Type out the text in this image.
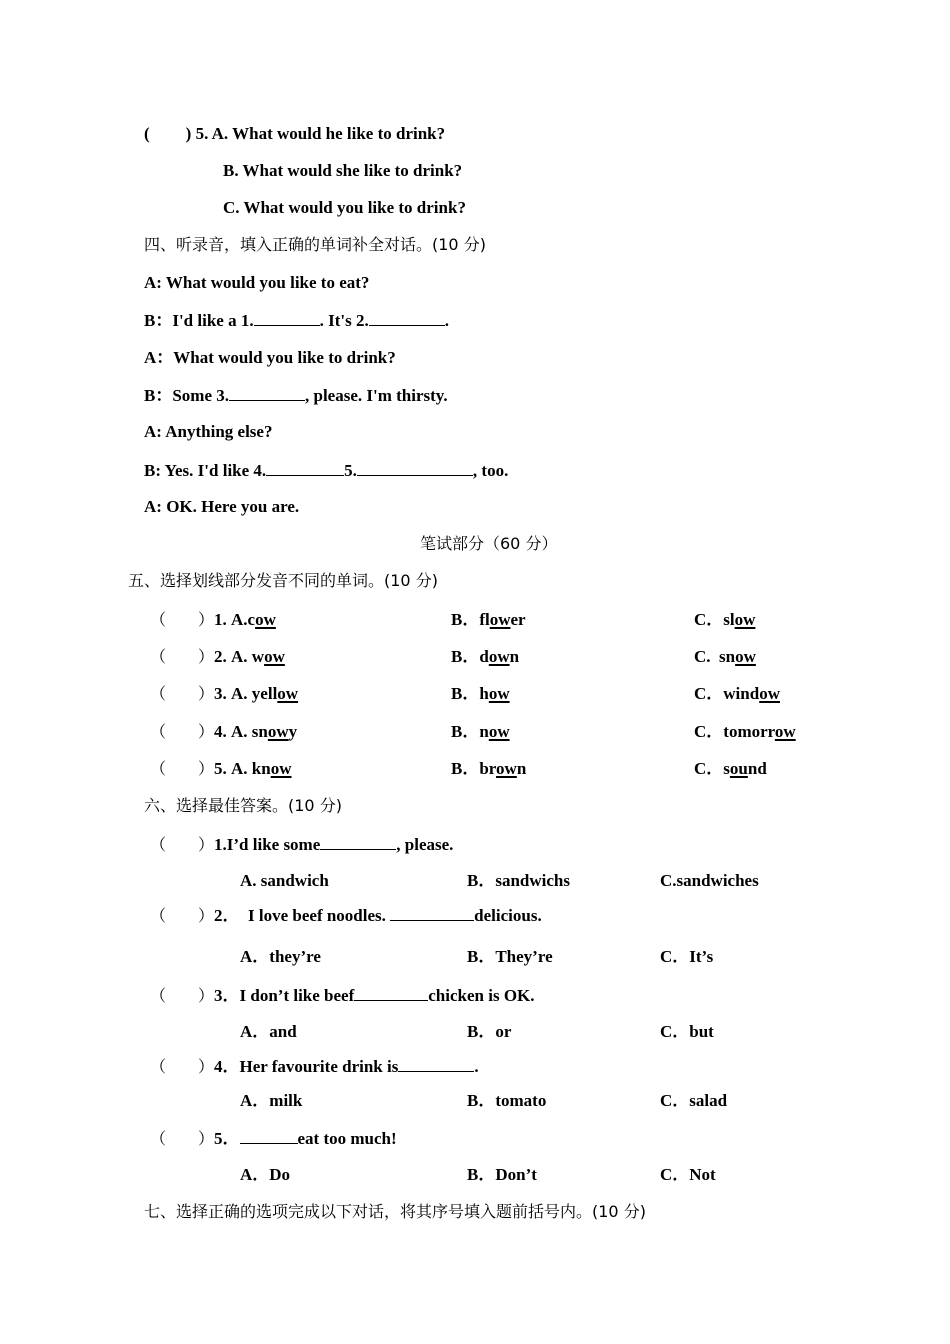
( ) 5. A. What would he like to drink?
B. What would she like to drink?
C. What would you like to drink?
四、听录音，填入正确的单词补全对话。(10 分)
A: What would you like to eat?
B：I'd like a 1.	. It's 2.	.
A：What would you like to drink?
B：Some 3.	, please. I'm thirsty.
A: Anything else?
B: Yes. I'd like 4.	5.	, too.
A: OK. Here you are.
笔试部分（60 分）
五、选择划线部分发音不同的单词。(10 分)
（　　）1. A.cow	B．flower	C．slow
（　　）2. A. wow	B．down	C.  snow
（　　）3. A. yellow	B．how	C．window
（　　）4. A. snowy	B．now	C．tomorrow
（　　）5. A. know	B．brown	C．sound
六、选择最佳答案。(10 分)
（　　）1.I’d like some	, please.
A. sandwich	B．sandwichs	C.sandwiches
（　　）2．  I love beef noodles.	delicious.
A．they’re	B．They’re	C．It’s
（　　）3．I don’t like beef	chicken is OK.
A．and	B．or	C．but
（　　）4．Her favourite drink is	.
A．milk	B．tomato	C．salad
（　　）5．	eat too much!
A．Do	B．Don’t	C．Not
七、选择正确的选项完成以下对话，将其序号填入题前括号内。(10 分)
